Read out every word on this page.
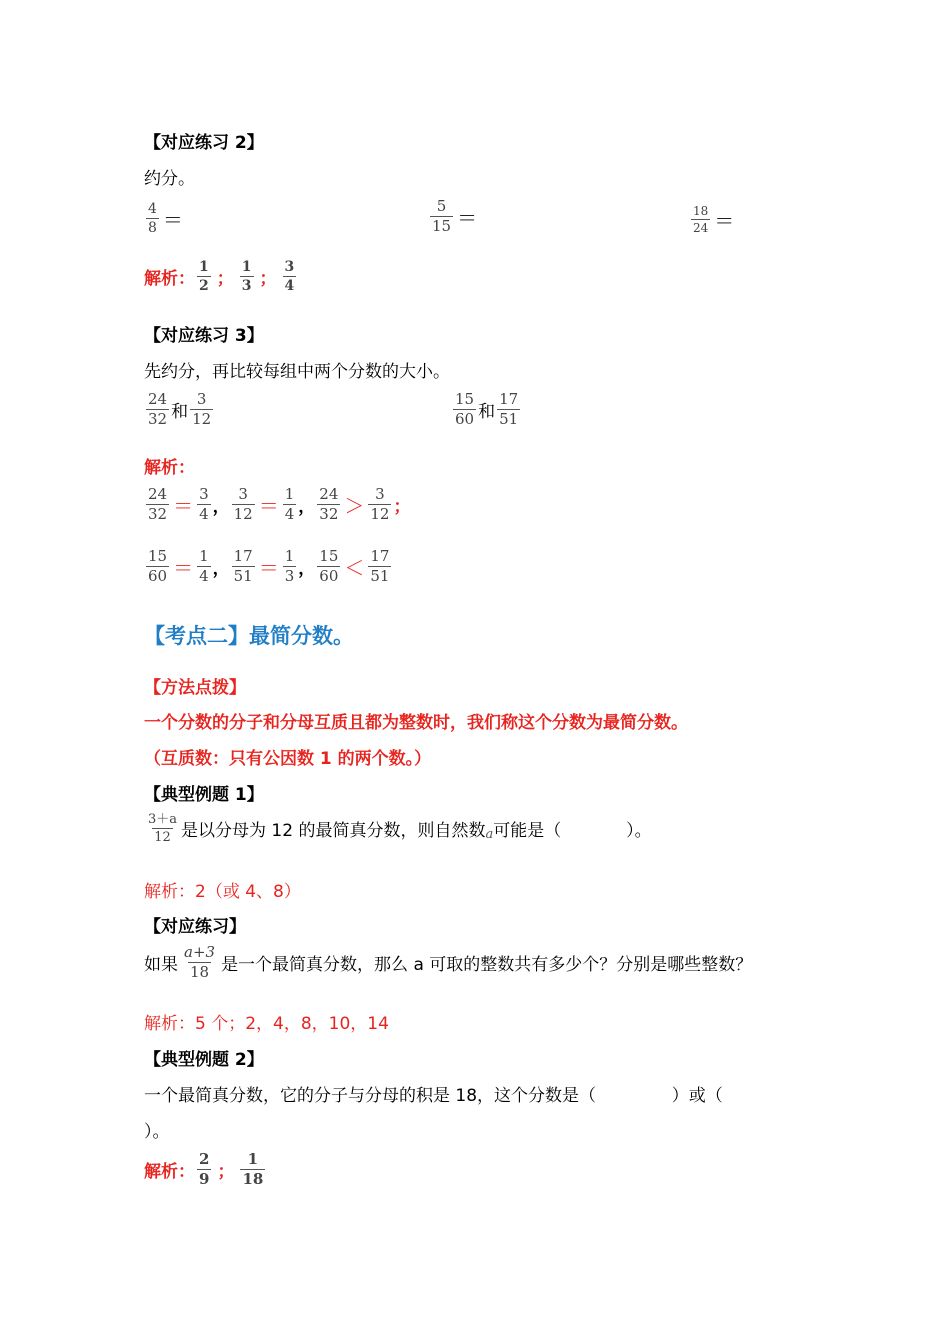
【对应练习 2】
约分。
$\frac{4}{8}$ ＝	$\frac{5}{15}$ ＝	$\frac{18}{24}$ ＝
解析： $\frac{1}{2}$ ； $\frac{1}{3}$ ； $\frac{3}{4}$
【对应练习 3】
先约分，再比较每组中两个分数的大小。
$\frac{24}{32}$ 和 $\frac{3}{12}$	$\frac{15}{60}$ 和 $\frac{17}{51}$
解析：
$\frac{24}{32} = \frac{3}{4}$ ， $\frac{3}{12} = \frac{1}{4}$ ， $\frac{24}{32} > \frac{3}{12}$ ；
$\frac{15}{60} = \frac{1}{4}$ ， $\frac{17}{51} = \frac{1}{3}$ ， $\frac{15}{60} < \frac{17}{51}$
【考点二】最简分数。
【方法点拨】
一个分数的分子和分母互质且都为整数时，我们称这个分数为最简分数。
（互质数：只有公因数 1 的两个数。）
【典型例题 1】
$\frac{3+a}{12}$ 是以分母为 12 的最简真分数，则自然数 a 可能是（
	）。
解析：2（或 4、8）
【对应练习】
如果 $\frac{a+3}{18}$ 是一个最简真分数，那么 a 可取的整数共有多少个？分别是哪些整数？
解析：5 个；2，4，8，10，14
【典型例题 2】
一个最简真分数，它的分子与分母的积是 18，这个分数是（              ）或（
）。
解析： $\frac{2}{9}$ ； $\frac{1}{18}$
